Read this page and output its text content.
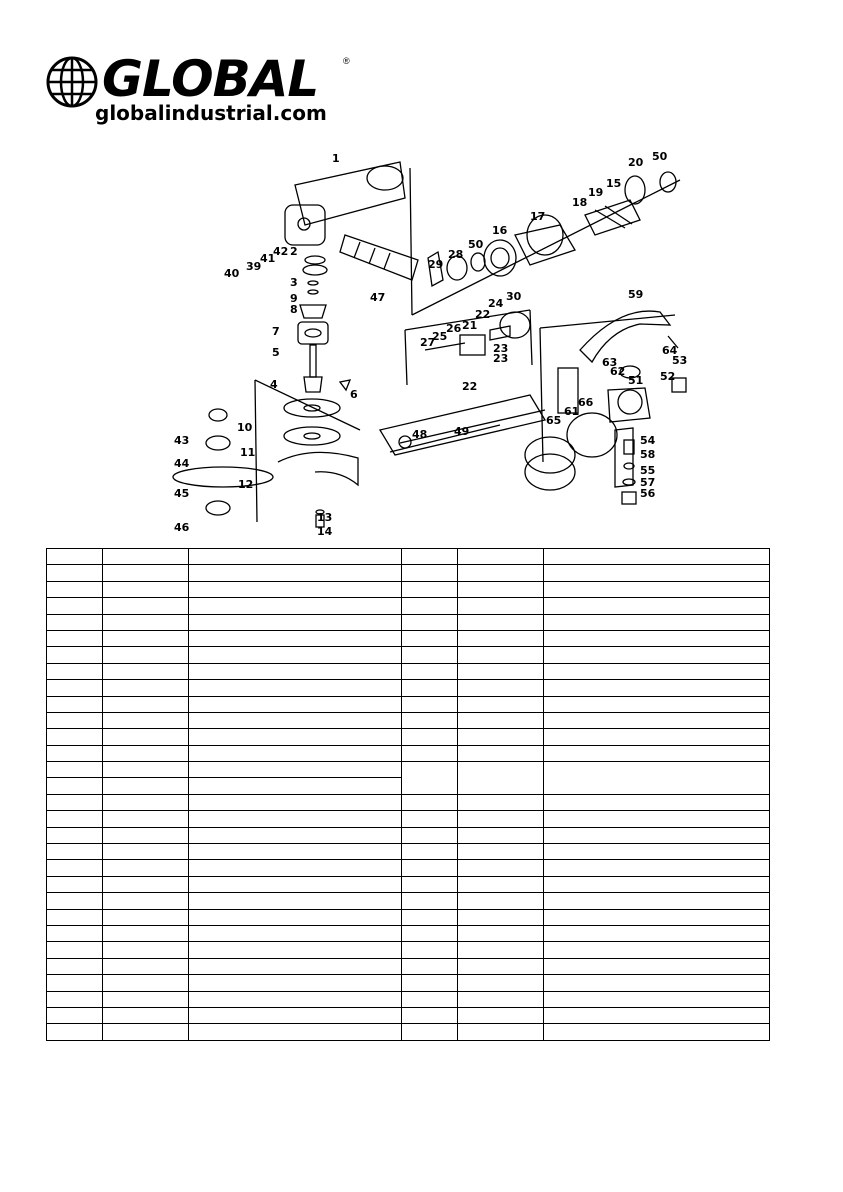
GLOBAL	®
globalindustrial.com
1
2
3
4
5
6
7
8
9
10
11
12
13
14
15
16
17
18
19
20
21
22
22
23
23
24
25
26
27
28
29
30
39
40
41
42
43
44
45
46
47
48 49
50
50
51 52
53
54
55
56
57
58
59
61
62
63
64
65
66
